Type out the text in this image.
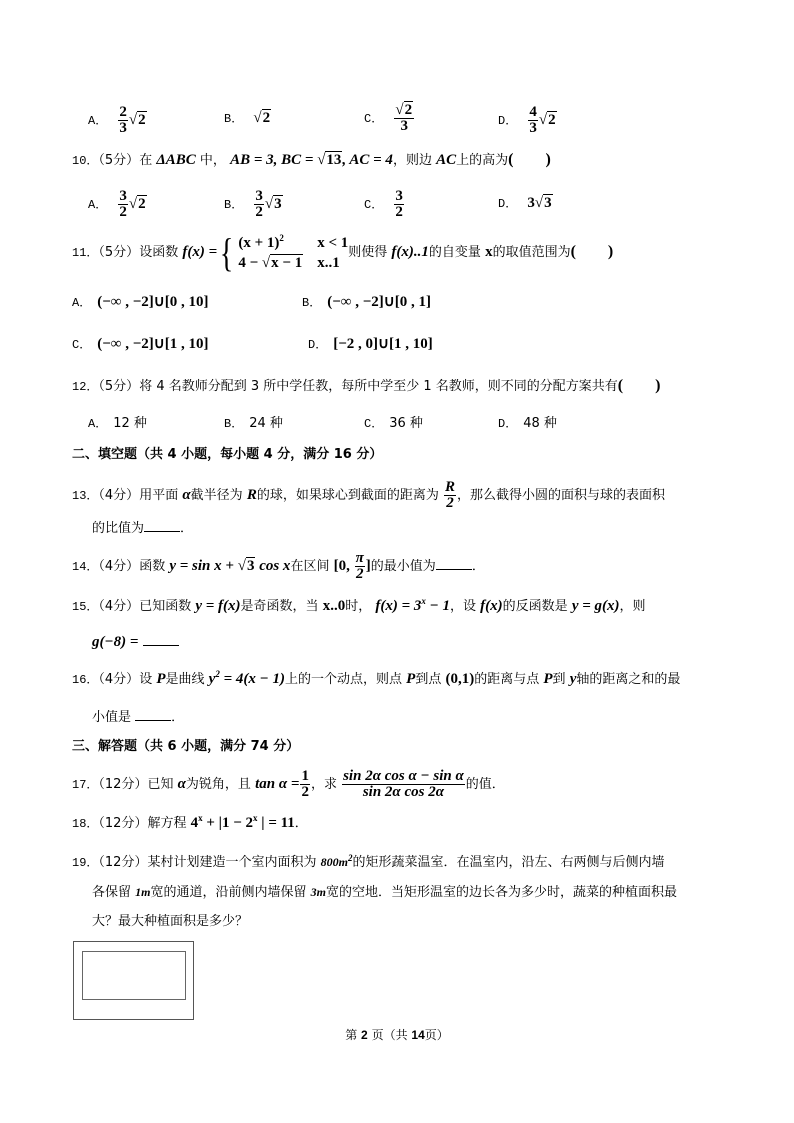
A． $\frac{2}{3} √2$	B． √2	C． $\frac{√2}{3}$	D． $\frac{4}{3} √2$
10．（5分）在 ΔABC 中， AB = 3, BC = √13, AC = 4，则边 AC上的高为(　　)
A． $\frac{3}{2} √2$	B． $\frac{3}{2} √3$	C． $\frac{3}{2}$	D． 3√3
11．（5分）设函数 f(x) = { $(x + 1)^2$	x < 1
4 − √x − 1 x..1
则使得 f(x)..1的自变量 x的取值范围为(　　)
A． (−∞ , −2]∪[0 , 10]	B． (−∞ , −2]∪[0 , 1]
C． (−∞ , −2]∪[1 , 10]	D． [−2 , 0]∪[1 , 10]
12．（5分）将 4 名教师分配到 3 所中学任教，每所中学至少 1 名教师，则不同的分配方案共有(　　)
A． 12 种	B． 24 种	C． 36 种	D． 48 种
二、填空题（共 4 小题，每小题 4 分，满分 16 分）
13．（4分）用平面 α截半径为 R的球，如果球心到截面的距离为 $\frac{R}{2}$ ，那么截得小圆的面积与球的表面积
的比值为	．
14．（4分）函数 y = sin x + √3 cos x在区间 [0, $\frac{\pi}{2}$ ]的最小值为	．
15．（4分）已知函数 y = f(x)是奇函数，当 x..0时， $f(x) = 3^x - 1$，设 f(x)的反函数是 y = g(x)，则
g(−8) =
16．（4分）设 P是曲线 $y^2 = 4(x - 1)$上的一个动点，则点 P到点 (0,1)的距离与点 P到 y轴的距离之和的最
小值是	．
三、解答题（共 6 小题，满分 74 分）
17．（12分）已知 α为锐角，且 $\tan \alpha = \frac{1}{2}$ ，求 $\frac{\text{sin 2α cos α − sin α}}{\text{sin 2α cos 2α}}$ 的值．
18．（12分）解方程 $4^x + |1 - 2^x$ | = 11．
19．（12分）某村计划建造一个室内面积为 $800m^2$的矩形蔬菜温室．在温室内，沿左、右两侧与后侧内墙
各保留 1m宽的通道，沿前侧内墙保留 3m宽的空地．当矩形温室的边长各为多少时，蔬菜的种植面积最
大？最大种植面积是多少？
第 2 页（共 14页）
